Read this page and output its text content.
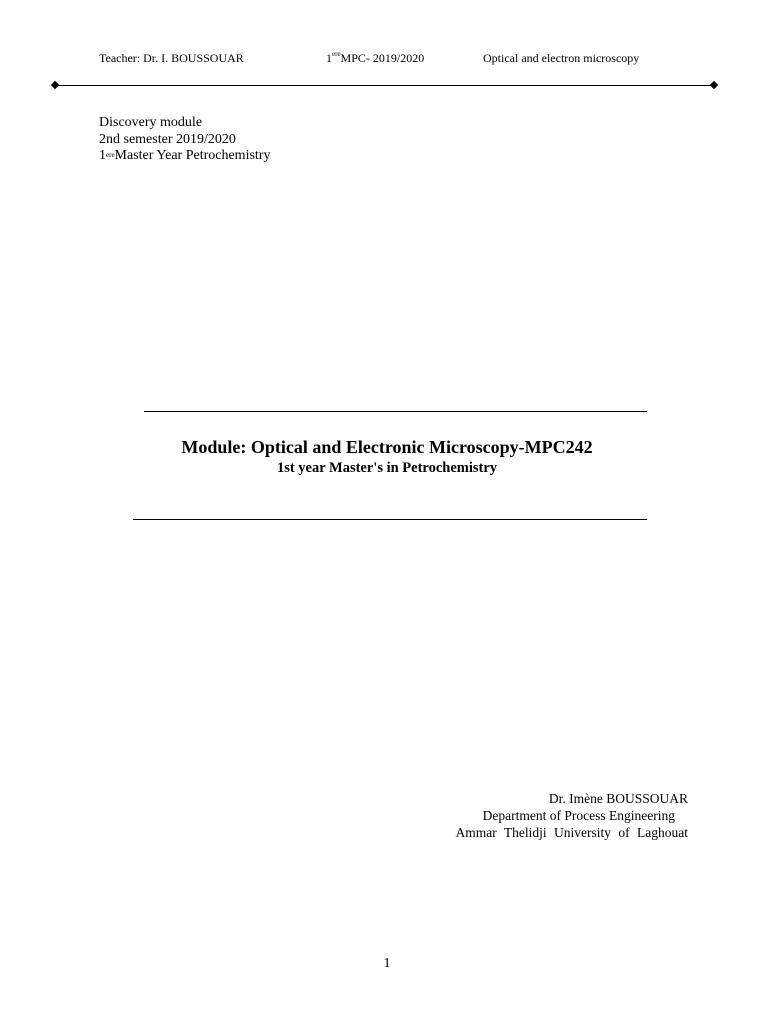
Teacher: Dr. I. BOUSSOUAR	1ereMPC- 2019/2020	Optical and electron microscopy
Discovery module
2nd semester 2019/2020
1ereMaster Year Petrochemistry
Module: Optical and Electronic Microscopy-MPC242
1st year Master's in Petrochemistry
Dr. Imène BOUSSOUAR
Department of Process Engineering
Ammar Thelidji University of Laghouat
1
